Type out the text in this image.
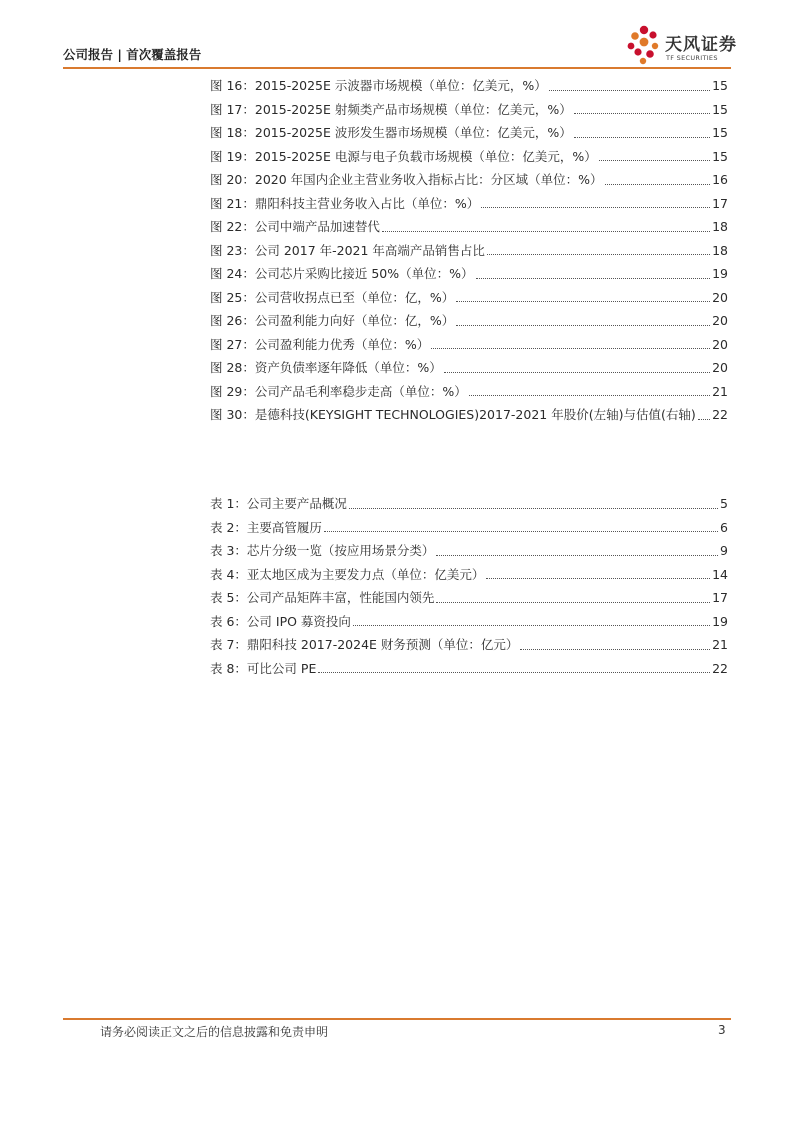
公司报告 | 首次覆盖报告	天风证券
TF SECURITIES
图 16：2015-2025E 示波器市场规模（单位：亿美元，%）	15
图 17：2015-2025E 射频类产品市场规模（单位：亿美元，%）	15
图 18：2015-2025E 波形发生器市场规模（单位：亿美元，%）	15
图 19：2015-2025E 电源与电子负载市场规模（单位：亿美元，%）	15
图 20：2020 年国内企业主营业务收入指标占比：分区域（单位：%）	16
图 21：鼎阳科技主营业务收入占比（单位：%）	17
图 22：公司中端产品加速替代	18
图 23：公司 2017 年-2021 年高端产品销售占比	18
图 24：公司芯片采购比接近 50%（单位：%）	19
图 25：公司营收拐点已至（单位：亿，%）	20
图 26：公司盈利能力向好（单位：亿，%）	20
图 27：公司盈利能力优秀（单位：%）	20
图 28：资产负债率逐年降低（单位：%）	20
图 29：公司产品毛利率稳步走高（单位：%）	21
图 30：是德科技(KEYSIGHT TECHNOLOGIES)2017-2021 年股价(左轴)与估值(右轴) 22
表 1：公司主要产品概况	5
表 2：主要高管履历	6
表 3：芯片分级一览（按应用场景分类）	9
表 4：亚太地区成为主要发力点（单位：亿美元）	14
表 5：公司产品矩阵丰富，性能国内领先	17
表 6：公司 IPO 募资投向	19
表 7：鼎阳科技 2017-2024E 财务预测（单位：亿元）	21
表 8：可比公司 PE	22
请务必阅读正文之后的信息披露和免责申明	3
